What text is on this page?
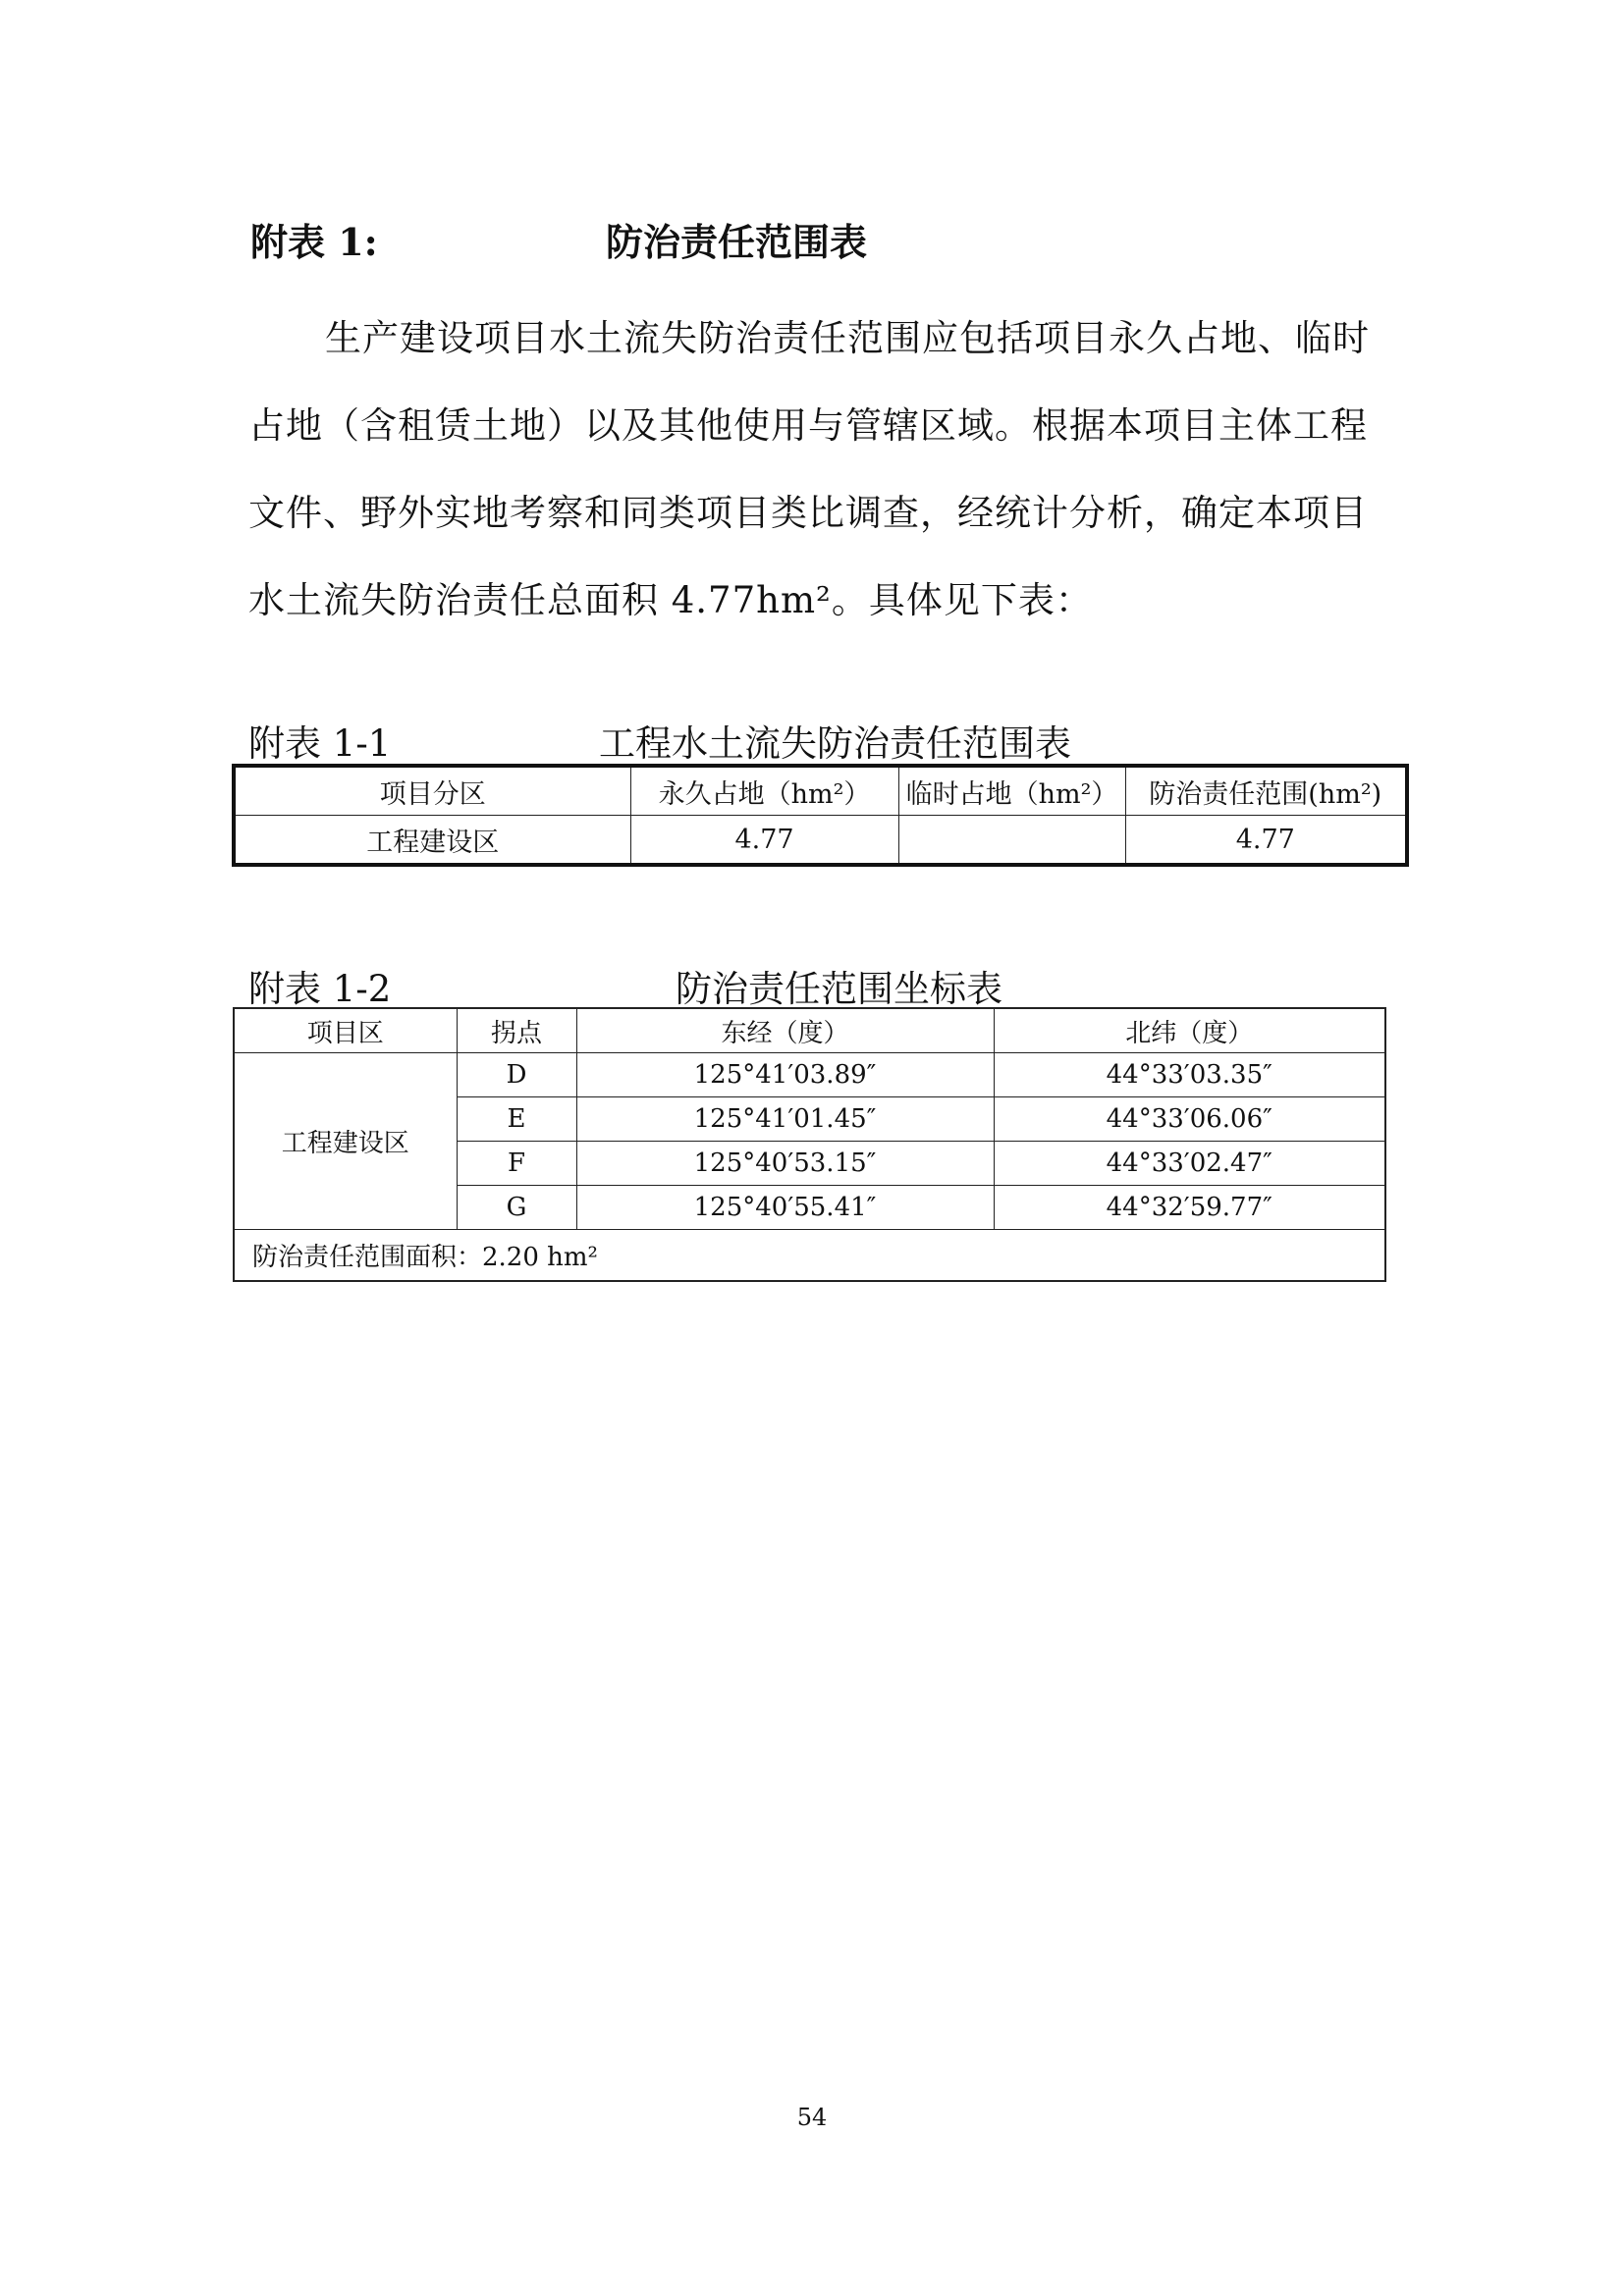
附表 1:	防治责任范围表

生产建设项目水土流失防治责任范围应包括项目永久占地、临时占地（含租赁土地）以及其他使用与管辖区域。根据本项目主体工程文件、野外实地考察和同类项目类比调查，经统计分析，确定本项目水土流失防治责任总面积 4.77hm²。具体见下表：

附表 1-1	工程水土流失防治责任范围表
项目分区	永久占地（hm²）	临时占地（hm²）	防治责任范围(hm²)
工程建设区	4.77		4.77
附表 1-2	防治责任范围坐标表
项目区	拐点	东经（度）	北纬（度）
工程建设区	D	125°41′03.89″	44°33′03.35″
	E	125°41′01.45″	44°33′06.06″
	F	125°40′53.15″	44°33′02.47″
	G	125°40′55.41″	44°32′59.77″
防治责任范围面积：2.20 hm²			
54
